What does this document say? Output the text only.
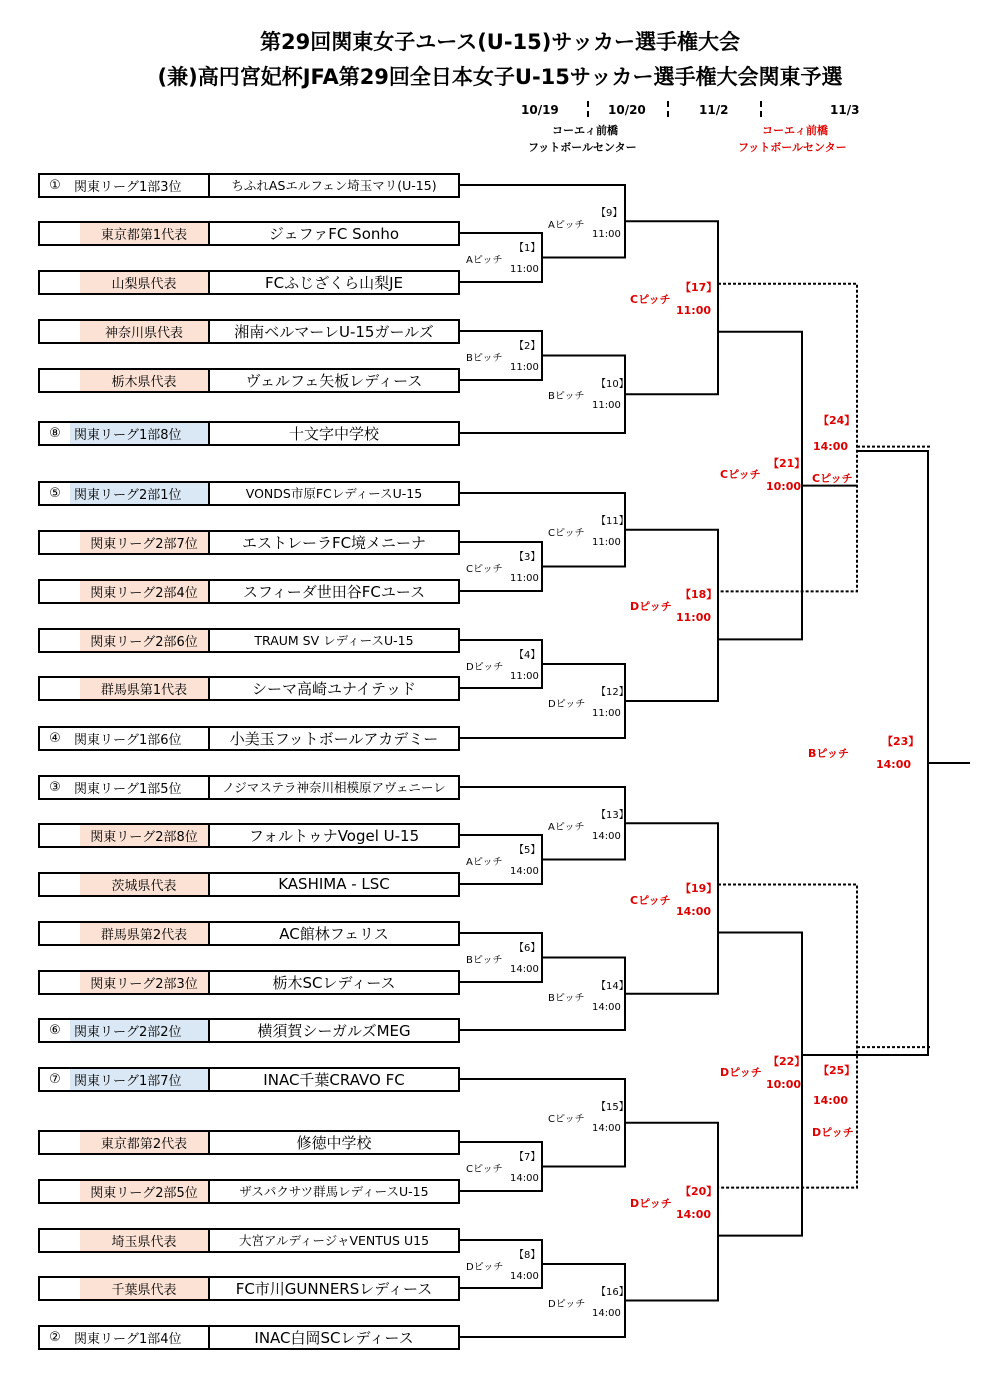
第29回関東女子ユース(U-15)サッカー選手権大会
(兼)高円宮妃杯JFA第29回全日本女子U-15サッカー選手権大会関東予選
10/19	10/20	11/2	11/3
コーエィ前橋
フットボールセンター
コーエィ前橋
フットボールセンター
①	関東リーグ1部3位	ちふれASエルフェン埼玉マリ(U-15)
東京都第1代表	ジェファFC Sonho
山梨県代表	FCふじざくら山梨JE
神奈川県代表	湘南ベルマーレU-15ガールズ
栃木県代表	ヴェルフェ矢板レディース
⑧	関東リーグ1部8位	十文字中学校
⑤	関東リーグ2部1位	VONDS市原FCレディースU-15
関東リーグ2部7位	エストレーラFC境メニーナ
関東リーグ2部4位	スフィーダ世田谷FCユース
関東リーグ2部6位	TRAUM SV レディースU-15
群馬県第1代表	シーマ高崎ユナイテッド
④	関東リーグ1部6位	小美玉フットボールアカデミー
③	関東リーグ1部5位	ノジマステラ神奈川相模原アヴェニーレ
関東リーグ2部8位	フォルトゥナVogel U-15
茨城県代表	KASHIMA - LSC
群馬県第2代表	AC館林フェリス
関東リーグ2部3位	栃木SCレディース
⑥	関東リーグ2部2位	横須賀シーガルズMEG
⑦	関東リーグ1部7位	INAC千葉CRAVO FC
東京都第2代表	修徳中学校
関東リーグ2部5位	ザスパクサツ群馬レディースU-15
埼玉県代表	大宮アルディージャVENTUS U15
千葉県代表	FC市川GUNNERSレディース
②	関東リーグ1部4位	INAC白岡SCレディース
【1】
Aピッチ
11:00
【2】
Bピッチ
11:00
【3】
Cピッチ
11:00
【4】
Dピッチ
11:00
【5】
Aピッチ
14:00
【6】
Bピッチ
14:00
【7】
Cピッチ
14:00
【8】
Dピッチ
14:00
【9】
Aピッチ
11:00
【10】
Bピッチ
11:00
【11】
Cピッチ
11:00
【12】
Dピッチ
11:00
【13】
Aピッチ
14:00
【14】
Bピッチ
14:00
【15】
Cピッチ
14:00
【16】
Dピッチ
14:00
【17】
Cピッチ
11:00
【18】
Dピッチ
11:00
【19】
Cピッチ
14:00
【20】
Dピッチ
14:00
【21】
Cピッチ
10:00
【22】
Dピッチ
10:00
【24】
14:00
Cピッチ
【25】
14:00
Dピッチ
【23】
Bピッチ
14:00
